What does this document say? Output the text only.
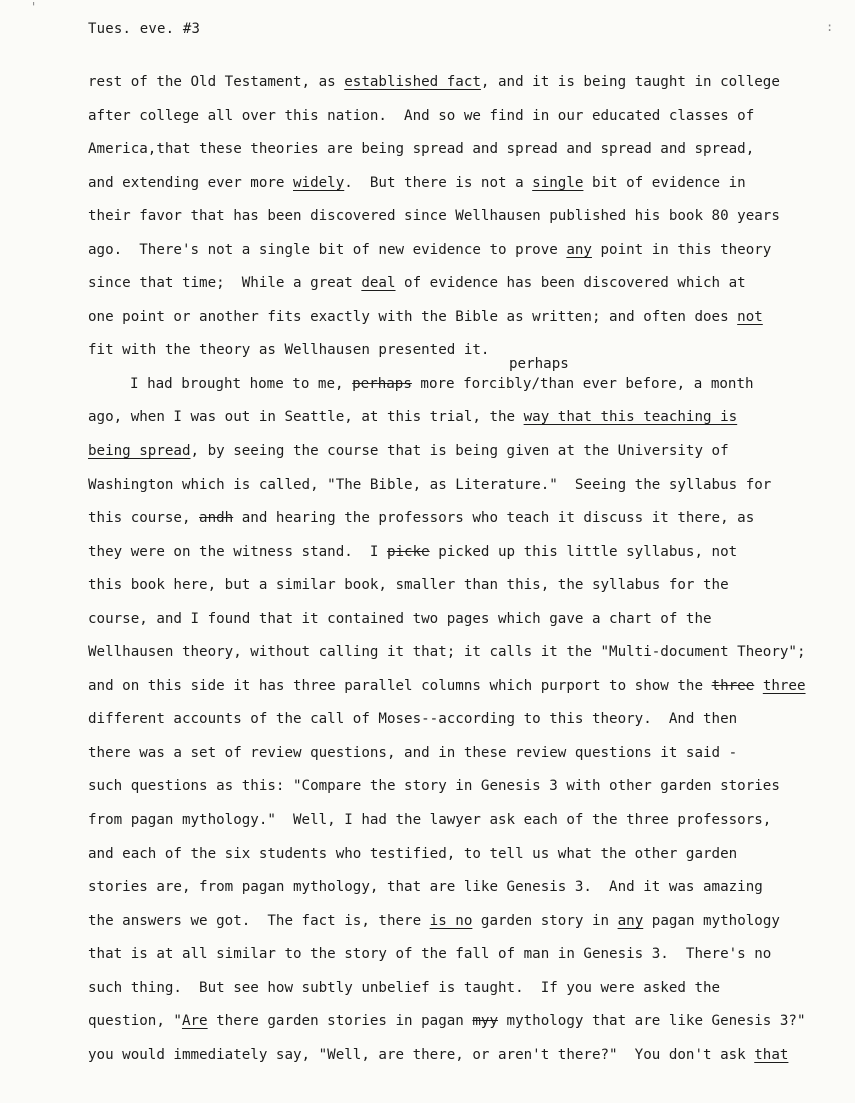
Tues. eve. #3
perhaps
rest of the Old Testament, as established fact, and it is being taught in college
after college all over this nation.  And so we find in our educated classes of
America,that these theories are being spread and spread and spread and spread,
and extending ever more widely.  But there is not a single bit of evidence in
their favor that has been discovered since Wellhausen published his book 80 years
ago.  There's not a single bit of new evidence to prove any point in this theory
since that time;  While a great deal of evidence has been discovered which at
one point or another fits exactly with the Bible as written; and often does not
fit with the theory as Wellhausen presented it.
I had brought home to me, perhaps more forcibly/than ever before, a month
ago, when I was out in Seattle, at this trial, the way that this teaching is
being spread, by seeing the course that is being given at the University of
Washington which is called, "The Bible, as Literature."  Seeing the syllabus for
this course, andh and hearing the professors who teach it discuss it there, as
they were on the witness stand.  I picke picked up this little syllabus, not
this book here, but a similar book, smaller than this, the syllabus for the
course, and I found that it contained two pages which gave a chart of the
Wellhausen theory, without calling it that; it calls it the "Multi-document Theory";
and on this side it has three parallel columns which purport to show the three three
different accounts of the call of Moses--according to this theory.  And then
there was a set of review questions, and in these review questions it said -
such questions as this: "Compare the story in Genesis 3 with other garden stories
from pagan mythology."  Well, I had the lawyer ask each of the three professors,
and each of the six students who testified, to tell us what the other garden
stories are, from pagan mythology, that are like Genesis 3.  And it was amazing
the answers we got.  The fact is, there is no garden story in any pagan mythology
that is at all similar to the story of the fall of man in Genesis 3.  There's no
such thing.  But see how subtly unbelief is taught.  If you were asked the
question, "Are there garden stories in pagan myy mythology that are like Genesis 3?"
you would immediately say, "Well, are there, or aren't there?"  You don't ask that
'
:
